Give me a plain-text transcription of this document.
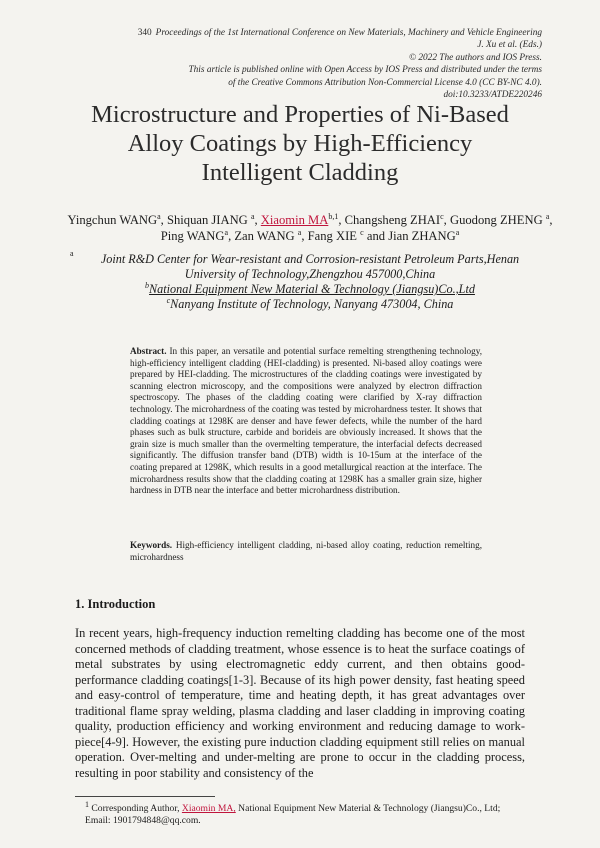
340 Proceedings of the 1st International Conference on New Materials, Machinery and Vehicle Engineering
J. Xu et al. (Eds.)
© 2022 The authors and IOS Press.
This article is published online with Open Access by IOS Press and distributed under the terms
of the Creative Commons Attribution Non-Commercial License 4.0 (CC BY-NC 4.0).
doi:10.3233/ATDE220246
Microstructure and Properties of Ni-Based
Alloy Coatings by High-Efficiency
Intelligent Cladding
Yingchun WANG$^a$, Shiquan JIANG $^a$, Xiaomin MA$^{b,1}$, Changsheng ZHAI$^c$, Guodong ZHENG $^a$, Ping WANG$^a$, Zan WANG $^a$, Fang XIE $^c$ and Jian ZHANG$^a$
a	Joint R&D Center for Wear-resistant and Corrosion-resistant Petroleum Parts,Henan
University of Technology,Zhengzhou 457000,China
$^b$National Equipment New Material & Technology (Jiangsu)Co.,Ltd
$^c$Nanyang Institute of Technology, Nanyang 473004, China
Abstract. In this paper, an versatile and potential surface remelting strengthening technology, high-efficiency intelligent cladding (HEI-cladding) is presented. Ni-based alloy coatings were prepared by HEI-cladding. The microstructures of the cladding coatings were investigated by scanning electron microscopy, and the compositions were analyzed by electron diffraction spectroscopy. The phases of the cladding coating were clarified by X-ray diffraction technology. The microhardness of the coating was tested by microhardness tester. It shows that cladding coatings at 1298K are denser and have fewer defects, while the number of the hard phases such as bulk structure, carbide and borideis are obviously increased. It shows that the grain size is much smaller than the overmelting temperature, the interfacial defects decreased significantly. The diffusion transfer band (DTB) width is 10-15um at the interface of the coating prepared at 1298K, which results in a good metallurgical reaction at the interface. The microhardness results show that the cladding coating at 1298K has a smaller grain size, higher hardness in DTB near the interface and better microhardness distribution.
Keywords. High-efficiency intelligent cladding, ni-based alloy coating, reduction remelting, microhardness
1. Introduction
In recent years, high-frequency induction remelting cladding has become one of the most concerned methods of cladding treatment, whose essence is to heat the surface coatings of metal substrates by using electromagnetic eddy current, and then obtains good-performance cladding coatings[1-3]. Because of its high power density, fast heating speed and easy-control of temperature, time and heating depth, it has great advantages over traditional flame spray welding, plasma cladding and laser cladding in improving coating quality, production efficiency and working environment and reducing damage to work-piece[4-9]. However, the existing pure induction cladding equipment still relies on manual operation. Over-melting and under-melting are prone to occur in the cladding process, resulting in poor stability and consistency of the
$^1$ Corresponding Author, Xiaomin MA, National Equipment New Material & Technology (Jiangsu)Co., Ltd;
Email: 1901794848@qq.com.
